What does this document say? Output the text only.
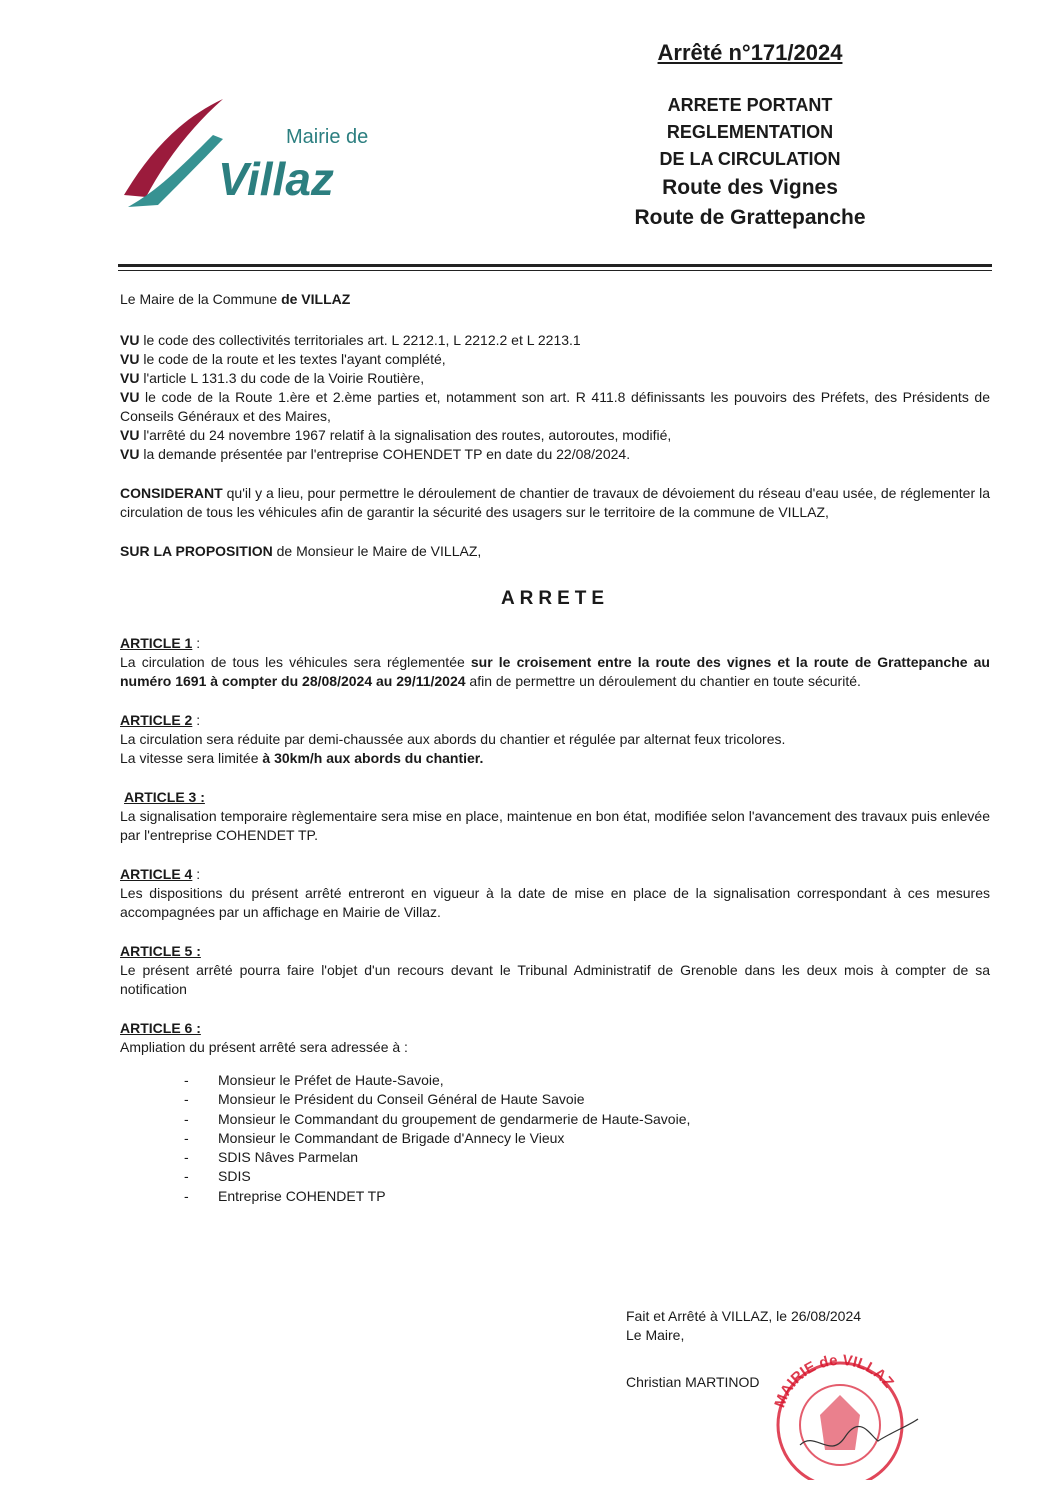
Mairie de
Villaz
Arrêté n°171/2024
ARRETE PORTANT
REGLEMENTATION
DE LA CIRCULATION
Route des Vignes
Route de Grattepanche

Le Maire de la Commune de VILLAZ

VU le code des collectivités territoriales art. L 2212.1, L 2212.2 et L 2213.1
VU le code de la route et les textes l'ayant complété,
VU l'article L 131.3 du code de la Voirie Routière,
VU le code de la Route 1.ère et 2.ème parties et, notamment son art. R 411.8 définissants les pouvoirs des Préfets, des Présidents de Conseils Généraux et des Maires,
VU l'arrêté du 24 novembre 1967 relatif à la signalisation des routes, autoroutes, modifié,
VU la demande présentée par l'entreprise COHENDET TP en date du 22/08/2024.

CONSIDERANT qu'il y a lieu, pour permettre le déroulement de chantier de travaux de dévoiement du réseau d'eau usée, de réglementer la circulation de tous les véhicules afin de garantir la sécurité des usagers sur le territoire de la commune de VILLAZ,

SUR LA PROPOSITION de Monsieur le Maire de VILLAZ,

ARRETE
ARTICLE 1 :
La circulation de tous les véhicules sera réglementée sur le croisement entre la route des vignes et la route de Grattepanche au numéro 1691 à compter du 28/08/2024 au 29/11/2024 afin de permettre un déroulement du chantier en toute sécurité.
ARTICLE 2 :
La circulation sera réduite par demi-chaussée aux abords du chantier et régulée par alternat feux tricolores.
La vitesse sera limitée à 30km/h aux abords du chantier.
ARTICLE 3 :
La signalisation temporaire règlementaire sera mise en place, maintenue en bon état, modifiée selon l'avancement des travaux puis enlevée par l'entreprise COHENDET TP.
ARTICLE 4 :
Les dispositions du présent arrêté entreront en vigueur à la date de mise en place de la signalisation correspondant à ces mesures accompagnées par un affichage en Mairie de Villaz.
ARTICLE 5 :
Le présent arrêté pourra faire l'objet d'un recours devant le Tribunal Administratif de Grenoble dans les deux mois à compter de sa notification
ARTICLE 6 :
Ampliation du présent arrêté sera adressée à :
- Monsieur le Préfet de Haute-Savoie,
- Monsieur le Président du Conseil Général de Haute Savoie
- Monsieur le Commandant du groupement de gendarmerie de Haute-Savoie,
- Monsieur le Commandant de Brigade d'Annecy le Vieux
- SDIS Nâves Parmelan
- SDIS
- Entreprise COHENDET TP
Fait et Arrêté à VILLAZ, le 26/08/2024
Le Maire,
Christian MARTINOD
MAIRIE de VILLAZ
